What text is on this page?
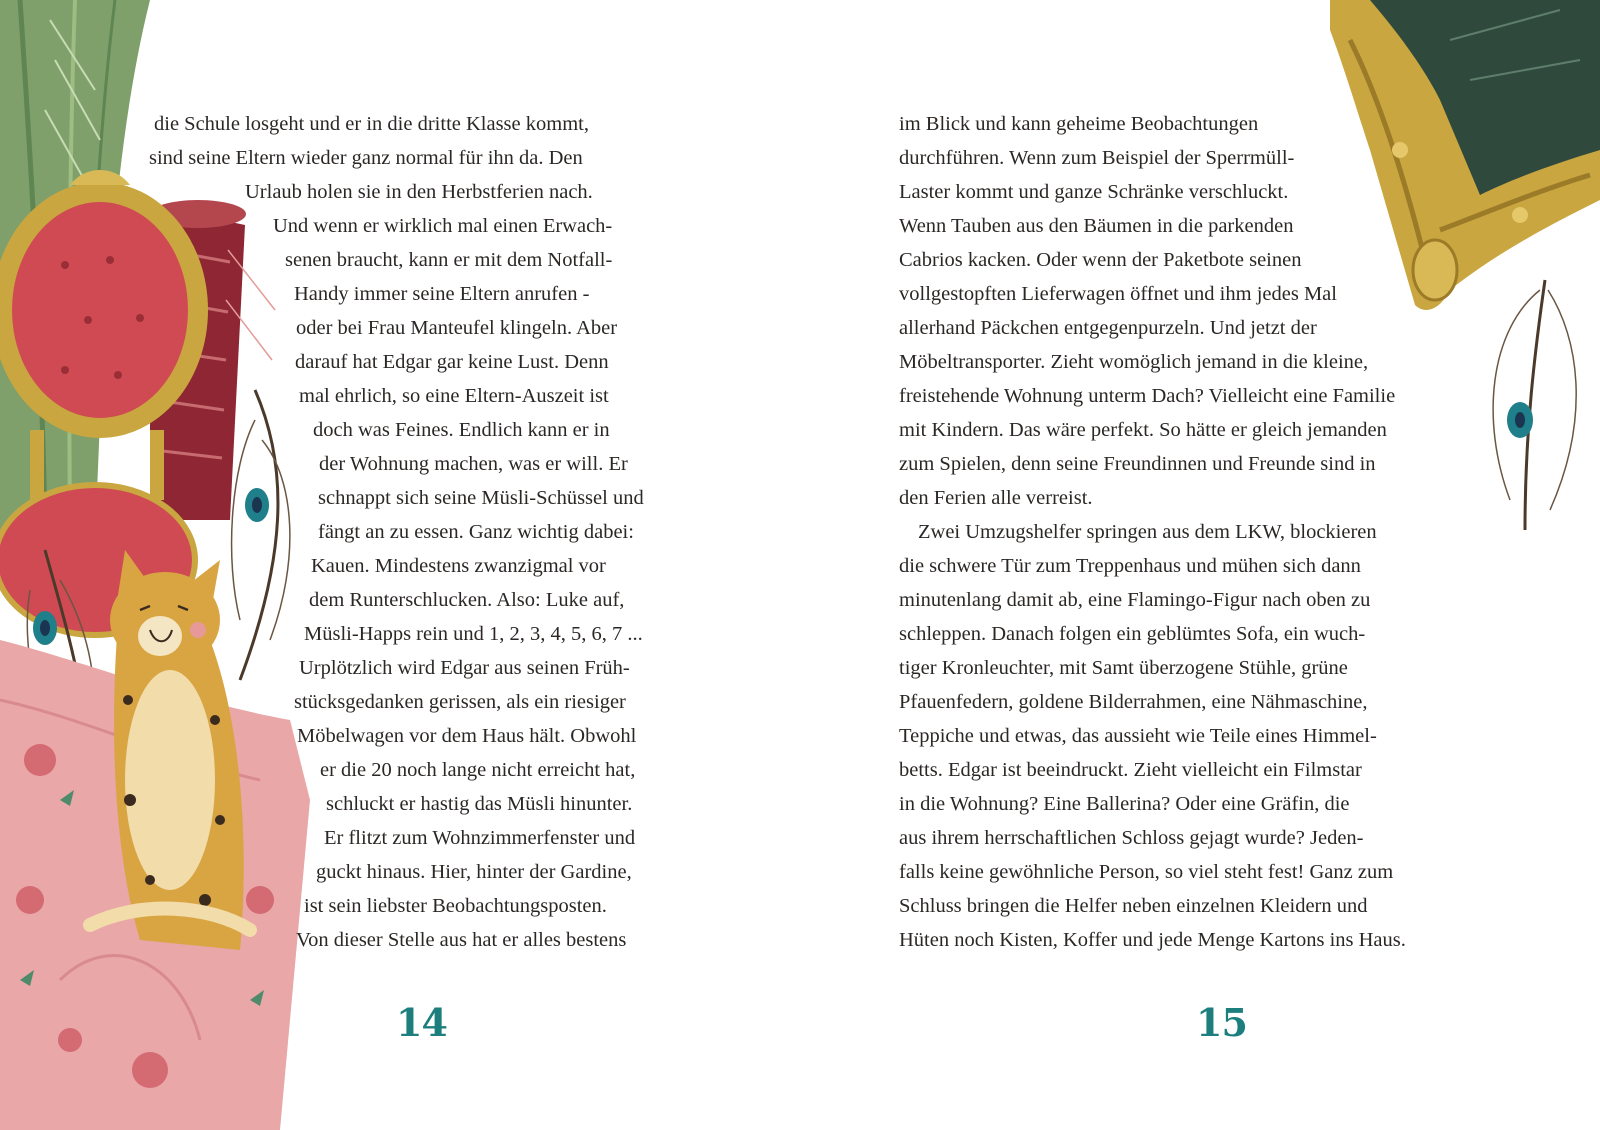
die Schule losgeht und er in die dritte Klasse kommt,
sind seine Eltern wieder ganz normal für ihn da. Den
Urlaub holen sie in den Herbstferien nach.
Und wenn er wirklich mal einen Erwach-
senen braucht, kann er mit dem Notfall-
Handy immer seine Eltern anrufen -
oder bei Frau Manteufel klingeln. Aber
darauf hat Edgar gar keine Lust. Denn
mal ehrlich, so eine Eltern-Auszeit ist
doch was Feines. Endlich kann er in
der Wohnung machen, was er will. Er
schnappt sich seine Müsli-Schüssel und
fängt an zu essen. Ganz wichtig dabei:
Kauen. Mindestens zwanzigmal vor
dem Runterschlucken. Also: Luke auf,
Müsli-Happs rein und 1, 2, 3, 4, 5, 6, 7 ...
Urplötzlich wird Edgar aus seinen Früh-
stücksgedanken gerissen, als ein riesiger
Möbelwagen vor dem Haus hält. Obwohl
er die 20 noch lange nicht erreicht hat,
schluckt er hastig das Müsli hinunter.
Er flitzt zum Wohnzimmerfenster und
guckt hinaus. Hier, hinter der Gardine,
ist sein liebster Beobachtungsposten.
Von dieser Stelle aus hat er alles bestens
im Blick und kann geheime Beobachtungen
durchführen. Wenn zum Beispiel der Sperrmüll-
Laster kommt und ganze Schränke verschluckt.
Wenn Tauben aus den Bäumen in die parkenden
Cabrios kacken. Oder wenn der Paketbote seinen
vollgestopften Lieferwagen öffnet und ihm jedes Mal
allerhand Päckchen entgegenpurzeln. Und jetzt der
Möbeltransporter. Zieht womöglich jemand in die kleine,
freistehende Wohnung unterm Dach? Vielleicht eine Familie
mit Kindern. Das wäre perfekt. So hätte er gleich jemanden
zum Spielen, denn seine Freundinnen und Freunde sind in
den Ferien alle verreist.
Zwei Umzugshelfer springen aus dem LKW, blockieren
die schwere Tür zum Treppenhaus und mühen sich dann
minutenlang damit ab, eine Flamingo-Figur nach oben zu
schleppen. Danach folgen ein geblümtes Sofa, ein wuch-
tiger Kronleuchter, mit Samt überzogene Stühle, grüne
Pfauenfedern, goldene Bilderrahmen, eine Nähmaschine,
Teppiche und etwas, das aussieht wie Teile eines Himmel-
betts. Edgar ist beeindruckt. Zieht vielleicht ein Filmstar
in die Wohnung? Eine Ballerina? Oder eine Gräfin, die
aus ihrem herrschaftlichen Schloss gejagt wurde? Jeden-
falls keine gewöhnliche Person, so viel steht fest! Ganz zum
Schluss bringen die Helfer neben einzelnen Kleidern und
Hüten noch Kisten, Koffer und jede Menge Kartons ins Haus.
14	15
